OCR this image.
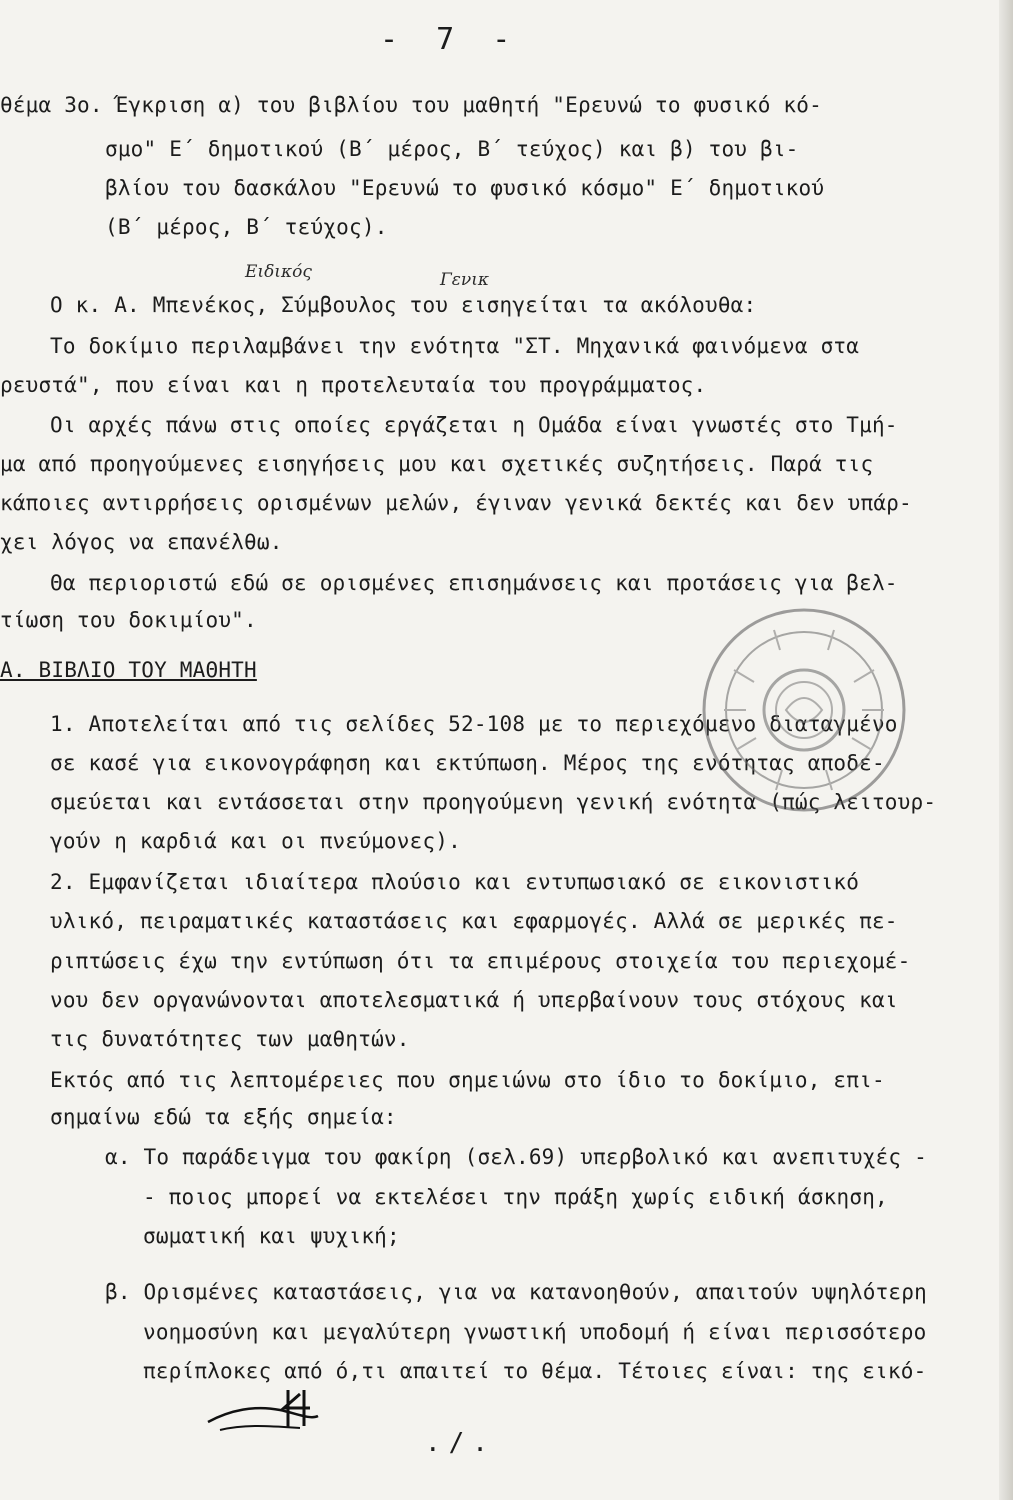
- 7 -
θέμα 3ο. Έγκριση α) του βιβλίου του μαθητή "Ερευνώ το φυσικό κό-
σμο" Ε΄ δημοτικού (Β΄ μέρος, Β΄ τεύχος) και β) του βι-
βλίου του δασκάλου "Ερευνώ το φυσικό κόσμο" Ε΄ δημοτικού
(Β΄ μέρος, Β΄ τεύχος).
Ειδικός	Γενικ
Ο κ. Α. Μπενέκος, Σύμβουλος του εισηγείται τα ακόλουθα:
Το δοκίμιο περιλαμβάνει την ενότητα "ΣΤ. Μηχανικά φαινόμενα στα
ρευστά", που είναι και η προτελευταία του προγράμματος.
Οι αρχές πάνω στις οποίες εργάζεται η Ομάδα είναι γνωστές στο Τμή-
μα από προηγούμενες εισηγήσεις μου και σχετικές συζητήσεις. Παρά τις
κάποιες αντιρρήσεις ορισμένων μελών, έγιναν γενικά δεκτές και δεν υπάρ-
χει λόγος να επανέλθω.
Θα περιοριστώ εδώ σε ορισμένες επισημάνσεις και προτάσεις για βελ-
τίωση του δοκιμίου".
Α. ΒΙΒΛΙΟ ΤΟΥ ΜΑΘΗΤΗ
1. Αποτελείται από τις σελίδες 52-108 με το περιεχόμενο διαταγμένο
σε κασέ για εικονογράφηση και εκτύπωση. Μέρος της ενότητας αποδε-
σμεύεται και εντάσσεται στην προηγούμενη γενική ενότητα (πώς λειτουρ-
γούν η καρδιά και οι πνεύμονες).
2. Εμφανίζεται ιδιαίτερα πλούσιο και εντυπωσιακό σε εικονιστικό
υλικό, πειραματικές καταστάσεις και εφαρμογές. Αλλά σε μερικές πε-
ριπτώσεις έχω την εντύπωση ότι τα επιμέρους στοιχεία του περιεχομέ-
νου δεν οργανώνονται αποτελεσματικά ή υπερβαίνουν τους στόχους και
τις δυνατότητες των μαθητών.
Εκτός από τις λεπτομέρειες που σημειώνω στο ίδιο το δοκίμιο, επι-
σημαίνω εδώ τα εξής σημεία:
α. Το παράδειγμα του φακίρη (σελ.69) υπερβολικό και ανεπιτυχές -
- ποιος μπορεί να εκτελέσει την πράξη χωρίς ειδική άσκηση,
σωματική και ψυχική;
β. Ορισμένες καταστάσεις, για να κατανοηθούν, απαιτούν υψηλότερη
νοημοσύνη και μεγαλύτερη γνωστική υποδομή ή είναι περισσότερο
περίπλοκες από ό,τι απαιτεί το θέμα. Τέτοιες είναι: της εικό-
./.
